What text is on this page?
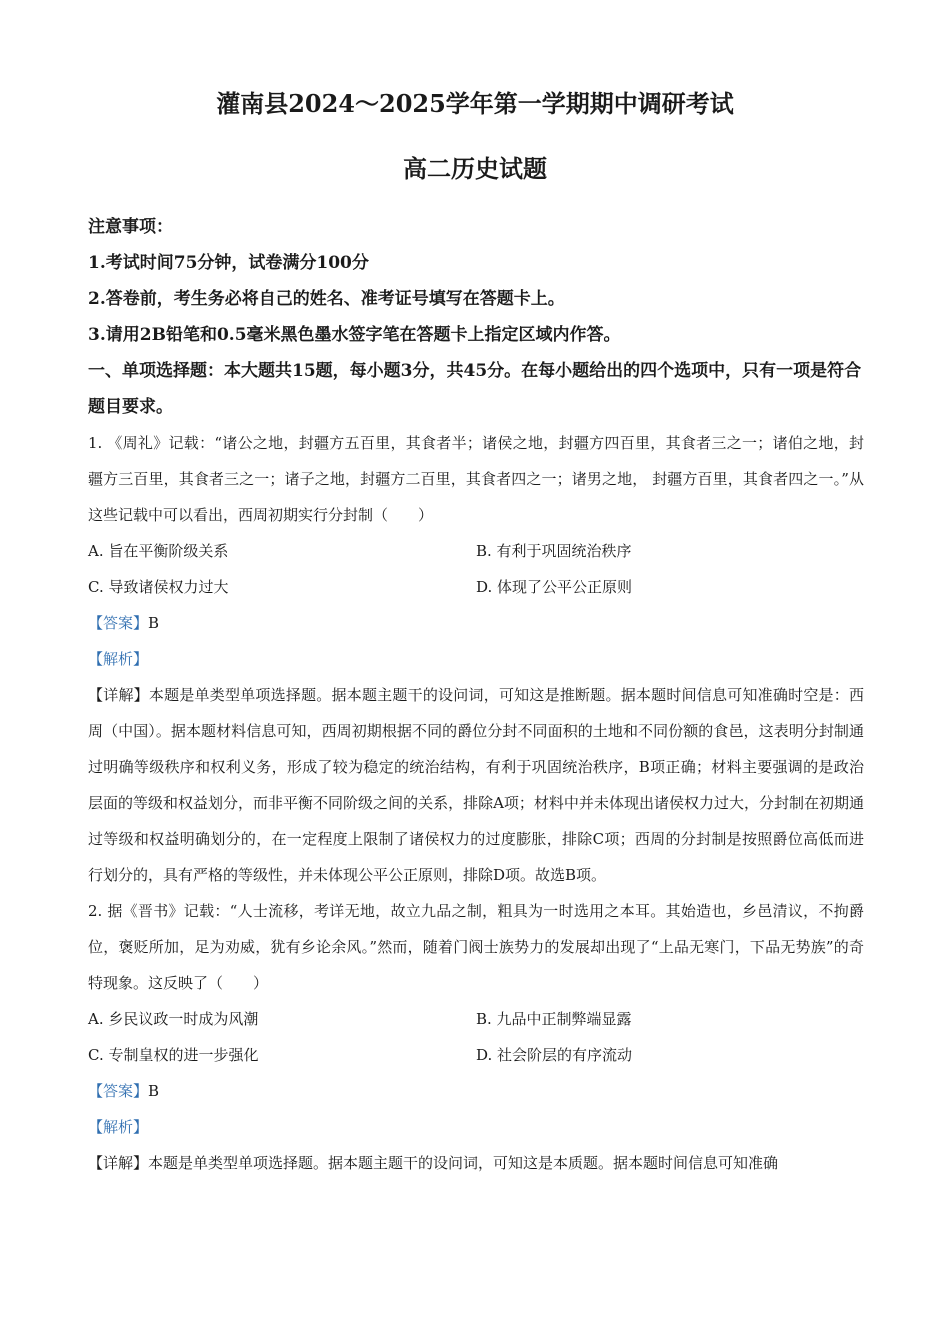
灌南县2024～2025学年第一学期期中调研考试
高二历史试题
注意事项：
1.考试时间75分钟，试卷满分100分
2.答卷前，考生务必将自己的姓名、准考证号填写在答题卡上。
3.请用2B铅笔和0.5毫米黑色墨水签字笔在答题卡上指定区域内作答。
一、单项选择题：本大题共15题，每小题3分，共45分。在每小题给出的四个选项中，只有一项是符合题目要求。
1. 《周礼》记载：“诸公之地，封疆方五百里，其食者半；诸侯之地，封疆方四百里，其食者三之一；诸伯之地，封疆方三百里，其食者三之一；诸子之地，封疆方二百里，其食者四之一；诸男之地， 封疆方百里，其食者四之一。”从这些记载中可以看出，西周初期实行分封制（　　）
A. 旨在平衡阶级关系	B. 有利于巩固统治秩序
C. 导致诸侯权力过大	D. 体现了公平公正原则
【答案】B
【解析】
【详解】本题是单类型单项选择题。据本题主题干的设问词，可知这是推断题。据本题时间信息可知准确时空是：西周（中国）。据本题材料信息可知，西周初期根据不同的爵位分封不同面积的土地和不同份额的食邑，这表明分封制通过明确等级秩序和权利义务，形成了较为稳定的统治结构，有利于巩固统治秩序，B项正确；材料主要强调的是政治层面的等级和权益划分，而非平衡不同阶级之间的关系，排除A项；材料中并未体现出诸侯权力过大，分封制在初期通过等级和权益明确划分的，在一定程度上限制了诸侯权力的过度膨胀，排除C项；西周的分封制是按照爵位高低而进行划分的，具有严格的等级性，并未体现公平公正原则，排除D项。故选B项。
2. 据《晋书》记载：“人士流移，考详无地，故立九品之制，粗具为一时选用之本耳。其始造也，乡邑清议，不拘爵位，褒贬所加，足为劝威，犹有乡论余风。”然而，随着门阀士族势力的发展却出现了“上品无寒门，下品无势族”的奇特现象。这反映了（　　）
A. 乡民议政一时成为风潮	B. 九品中正制弊端显露
C. 专制皇权的进一步强化	D. 社会阶层的有序流动
【答案】B
【解析】
【详解】本题是单类型单项选择题。据本题主题干的设问词，可知这是本质题。据本题时间信息可知准确
